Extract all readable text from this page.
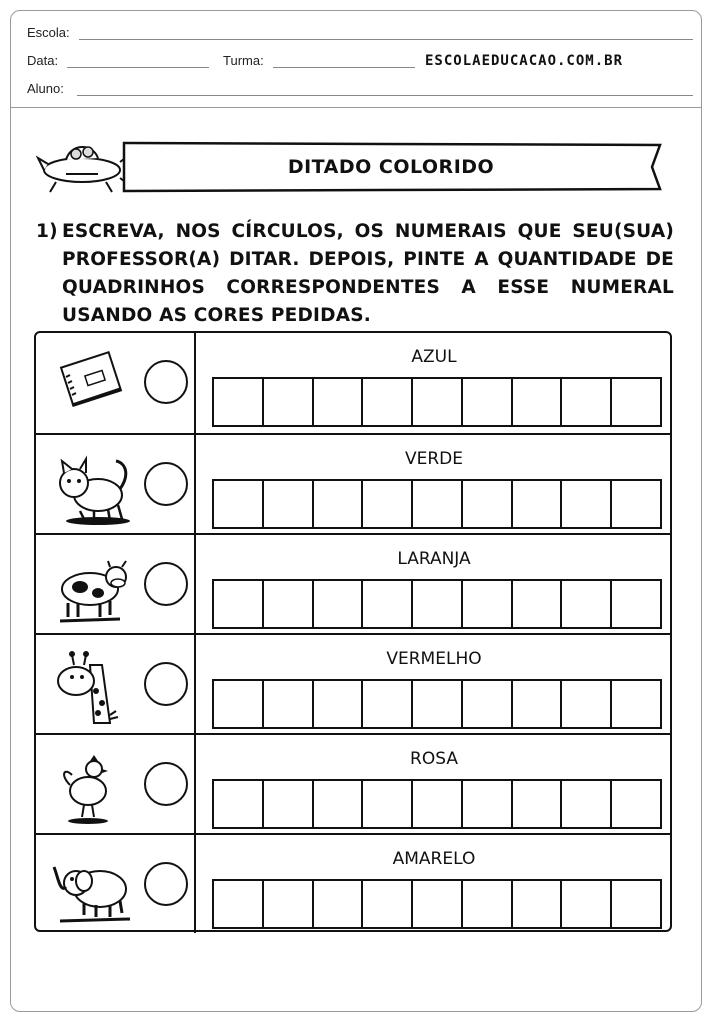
Escola:
Data:	Turma:	ESCOLAEDUCACAO.COM.BR
Aluno:
DITADO COLORIDO
1) ESCREVA, NOS CÍRCULOS, OS NUMERAIS QUE SEU(SUA) PROFESSOR(A) DITAR. DEPOIS, PINTE A QUANTIDADE DE QUADRINHOS CORRESPONDENTES A ESSE NUMERAL USANDO AS CORES PEDIDAS.
AZUL
VERDE
LARANJA
VERMELHO
ROSA
AMARELO
